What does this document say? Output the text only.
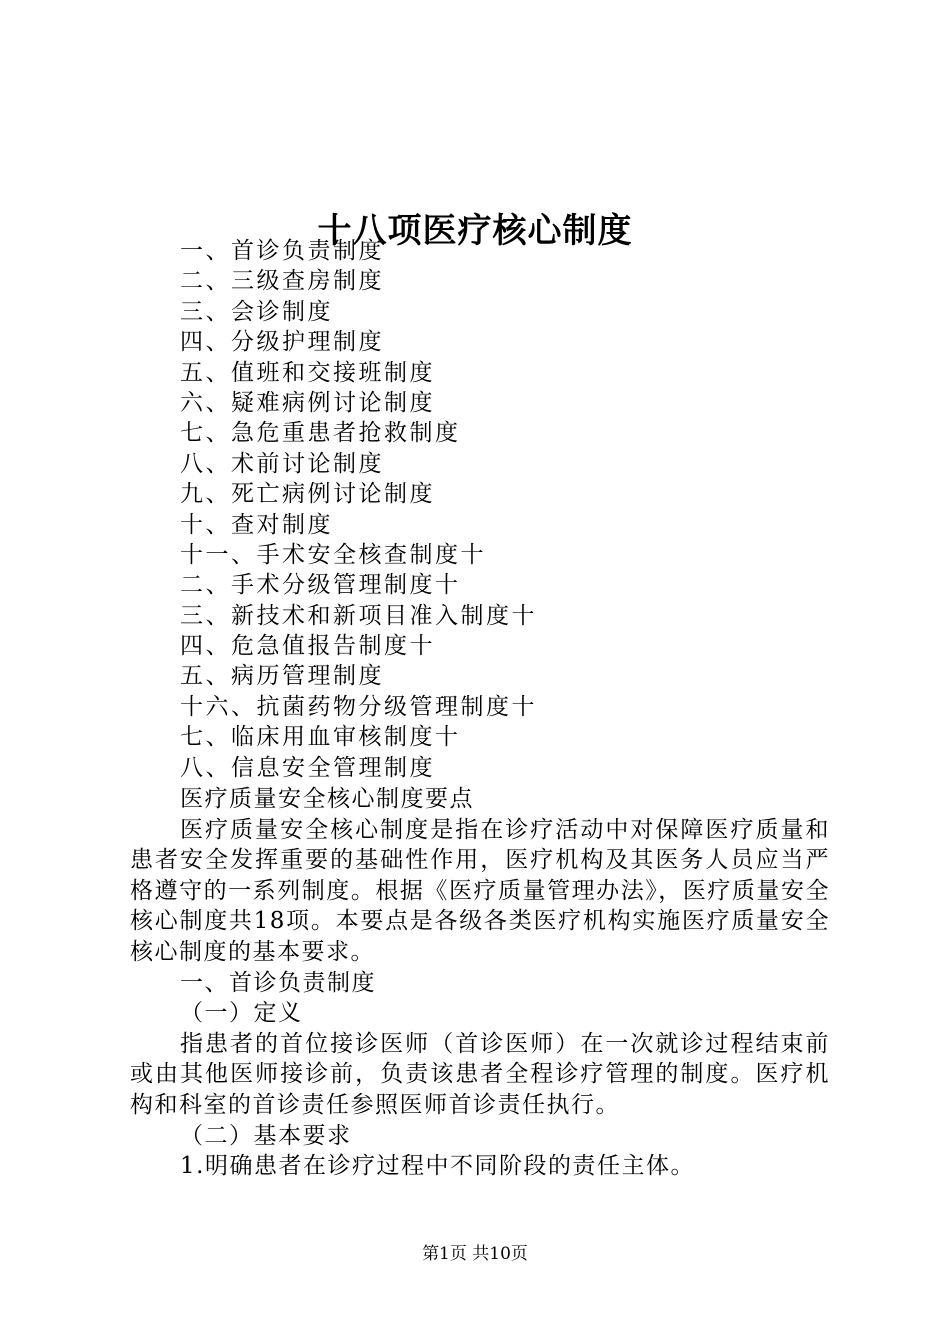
十八项医疗核心制度
一、首诊负责制度
二、三级查房制度
三、会诊制度
四、分级护理制度
五、值班和交接班制度
六、疑难病例讨论制度
七、急危重患者抢救制度
八、术前讨论制度
九、死亡病例讨论制度
十、查对制度
十一、手术安全核查制度十
二、手术分级管理制度十
三、新技术和新项目准入制度十
四、危急值报告制度十
五、病历管理制度
十六、抗菌药物分级管理制度十
七、临床用血审核制度十
八、信息安全管理制度

医疗质量安全核心制度要点

医疗质量安全核心制度是指在诊疗活动中对保障医疗质量和患者安全发挥重要的基础性作用，医疗机构及其医务人员应当严格遵守的一系列制度。根据《医疗质量管理办法》，医疗质量安全核心制度共18项。本要点是各级各类医疗机构实施医疗质量安全核心制度的基本要求。

一、首诊负责制度

（一）定义

指患者的首位接诊医师（首诊医师）在一次就诊过程结束前或由其他医师接诊前，负责该患者全程诊疗管理的制度。医疗机构和科室的首诊责任参照医师首诊责任执行。

（二）基本要求

1.明确患者在诊疗过程中不同阶段的责任主体。

第1页 共10页
